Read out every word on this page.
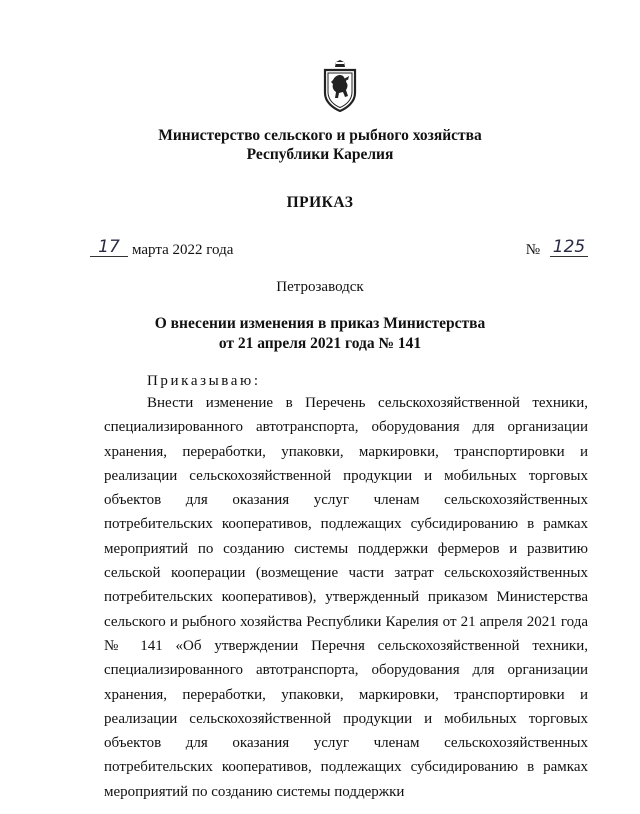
Министерство сельского и рыбного хозяйства
Республики Карелия
ПРИКАЗ
17 марта 2022 года	№ 125
Петрозаводск
О внесении изменения в приказ Министерства
от 21 апреля 2021 года № 141
Приказываю:
Внести изменение в Перечень сельскохозяйственной техники, специализированного автотранспорта, оборудования для организации хранения, переработки, упаковки, маркировки, транспортировки и реализации сельскохозяйственной продукции и мобильных торговых объектов для оказания услуг членам сельскохозяйственных потребительских кооперативов, подлежащих субсидированию в рамках мероприятий по созданию системы поддержки фермеров и развитию сельской кооперации (возмещение части затрат сельскохозяйственных потребительских кооперативов), утвержденный приказом Министерства сельского и рыбного хозяйства Республики Карелия от 21 апреля 2021 года № 141 «Об утверждении Перечня сельскохозяйственной техники, специализированного автотранспорта, оборудования для организации хранения, переработки, упаковки, маркировки, транспортировки и реализации сельскохозяйственной продукции и мобильных торговых объектов для оказания услуг членам сельскохозяйственных потребительских кооперативов, подлежащих субсидированию в рамках мероприятий по созданию системы поддержки
